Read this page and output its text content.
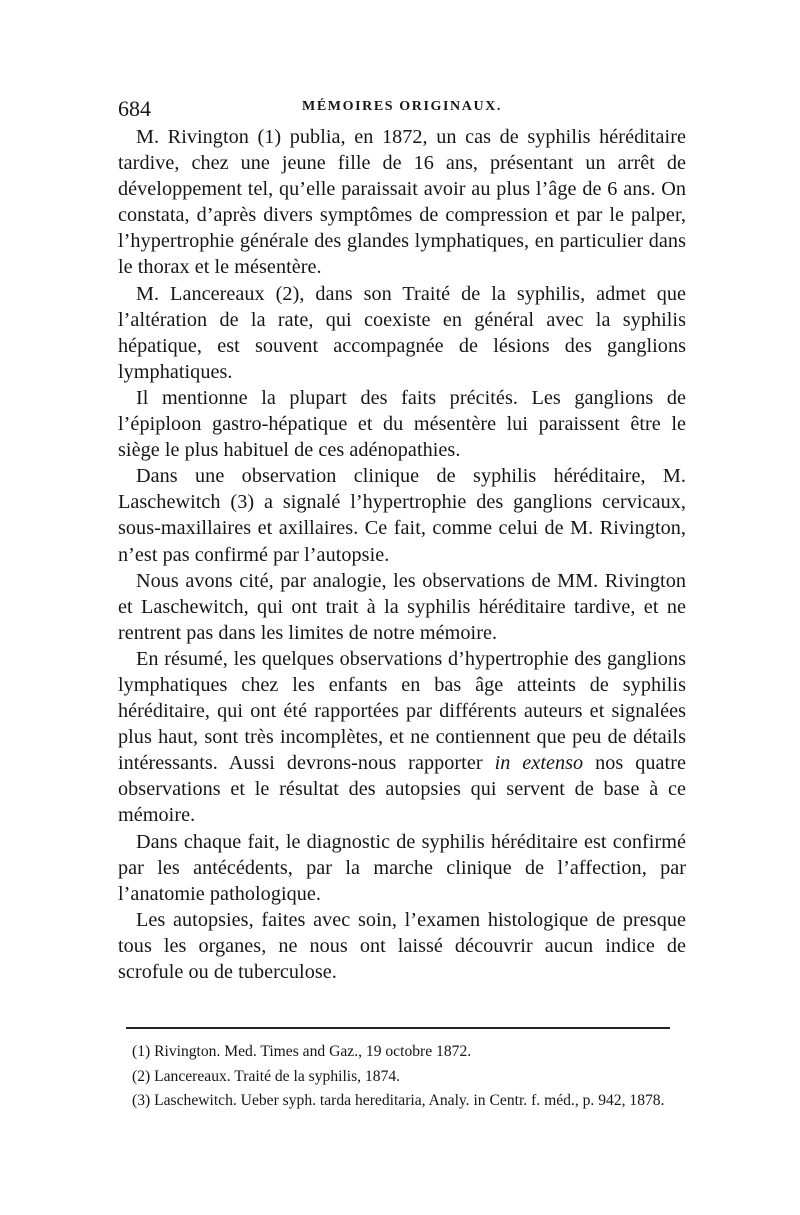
684	MÉMOIRES ORIGINAUX.

M. Rivington (1) publia, en 1872, un cas de syphilis héréditaire tardive, chez une jeune fille de 16 ans, présentant un arrêt de développement tel, qu’elle paraissait avoir au plus l’âge de 6 ans. On constata, d’après divers symptômes de compression et par le palper, l’hypertrophie générale des glandes lymphatiques, en particulier dans le thorax et le mésentère.

M. Lancereaux (2), dans son Traité de la syphilis, admet que l’altération de la rate, qui coexiste en général avec la syphilis hépatique, est souvent accompagnée de lésions des ganglions lymphatiques.

Il mentionne la plupart des faits précités. Les ganglions de l’épiploon gastro-hépatique et du mésentère lui paraissent être le siège le plus habituel de ces adénopathies.

Dans une observation clinique de syphilis héréditaire, M. Laschewitch (3) a signalé l’hypertrophie des ganglions cervicaux, sous-maxillaires et axillaires. Ce fait, comme celui de M. Rivington, n’est pas confirmé par l’autopsie.

Nous avons cité, par analogie, les observations de MM. Rivington et Laschewitch, qui ont trait à la syphilis héréditaire tardive, et ne rentrent pas dans les limites de notre mémoire.

En résumé, les quelques observations d’hypertrophie des ganglions lymphatiques chez les enfants en bas âge atteints de syphilis héréditaire, qui ont été rapportées par différents auteurs et signalées plus haut, sont très incomplètes, et ne contiennent que peu de détails intéressants. Aussi devrons-nous rapporter in extenso nos quatre observations et le résultat des autopsies qui servent de base à ce mémoire.

Dans chaque fait, le diagnostic de syphilis héréditaire est confirmé par les antécédents, par la marche clinique de l’affection, par l’anatomie pathologique.

Les autopsies, faites avec soin, l’examen histologique de presque tous les organes, ne nous ont laissé découvrir aucun indice de scrofule ou de tuberculose.

(1) Rivington. Med. Times and Gaz., 19 octobre 1872.

(2) Lancereaux. Traité de la syphilis, 1874.

(3) Laschewitch. Ueber syph. tarda hereditaria, Analy. in Centr. f. méd., p. 942, 1878.
